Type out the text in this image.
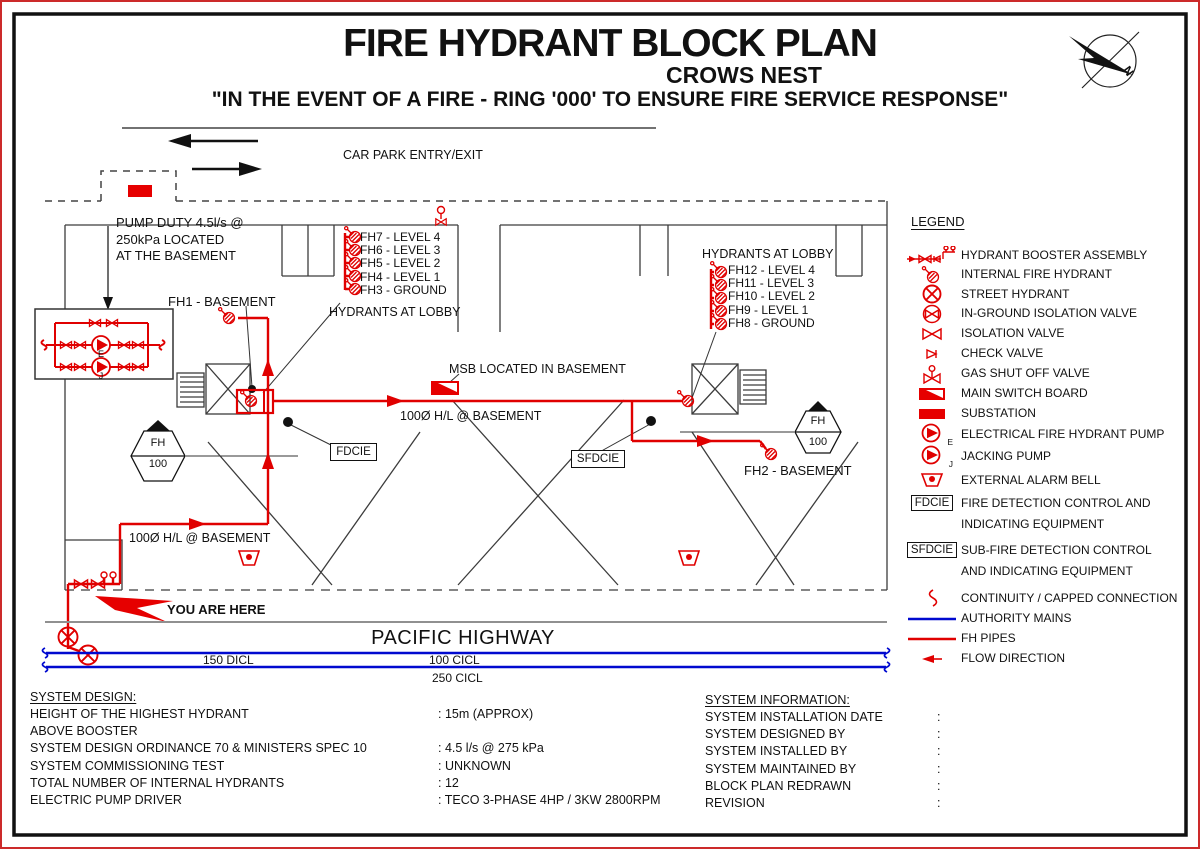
FIRE HYDRANT BLOCK PLAN
CROWS NEST
"IN THE EVENT OF A FIRE - RING '000' TO ENSURE FIRE SERVICE RESPONSE"
N
CAR PARK ENTRY/EXIT
PUMP DUTY 4.5l/s @
250kPa LOCATED
AT THE BASEMENT
FH1 - BASEMENT
FH7 - LEVEL 4
FH6 - LEVEL 3
FH5 - LEVEL 2
FH4 - LEVEL 1
FH3 - GROUND
HYDRANTS AT LOBBY
HYDRANTS AT LOBBY
FH12 - LEVEL 4
FH11 - LEVEL 3
FH10 - LEVEL 2
FH9 - LEVEL 1
FH8 - GROUND
MSB LOCATED IN BASEMENT
100Ø H/L @ BASEMENT
100Ø H/L @ BASEMENT
FDCIE
SFDCIE
FH2 - BASEMENT
YOU ARE HERE
FH
100
FH
100
E
J
PACIFIC HIGHWAY
150 DICL	100 CICL
250 CICL
LEGEND
HYDRANT BOOSTER ASSEMBLY
INTERNAL FIRE HYDRANT
STREET HYDRANT
IN-GROUND ISOLATION VALVE
ISOLATION VALVE
CHECK VALVE
GAS SHUT OFF VALVE
MAIN SWITCH BOARD
SUBSTATION
E
ELECTRICAL FIRE HYDRANT PUMP
J
JACKING PUMP
EXTERNAL ALARM BELL
FDCIE FIRE DETECTION CONTROL AND
INDICATING EQUIPMENT
SFDCIE SUB-FIRE DETECTION CONTROL
AND INDICATING EQUIPMENT
CONTINUITY / CAPPED CONNECTION
AUTHORITY MAINS
FH PIPES
FLOW DIRECTION
SYSTEM DESIGN:
HEIGHT OF THE HIGHEST HYDRANT	: 15m (APPROX)
ABOVE BOOSTER
SYSTEM DESIGN ORDINANCE 70 & MINISTERS SPEC 10	: 4.5 l/s @ 275 kPa
SYSTEM COMMISSIONING TEST	: UNKNOWN
TOTAL NUMBER OF INTERNAL HYDRANTS	: 12
ELECTRIC PUMP DRIVER	: TECO 3-PHASE 4HP / 3KW 2800RPM
SYSTEM INFORMATION:
SYSTEM INSTALLATION DATE	:
SYSTEM DESIGNED BY	:
SYSTEM INSTALLED BY	:
SYSTEM MAINTAINED BY	:
BLOCK PLAN REDRAWN	:
REVISION	:
